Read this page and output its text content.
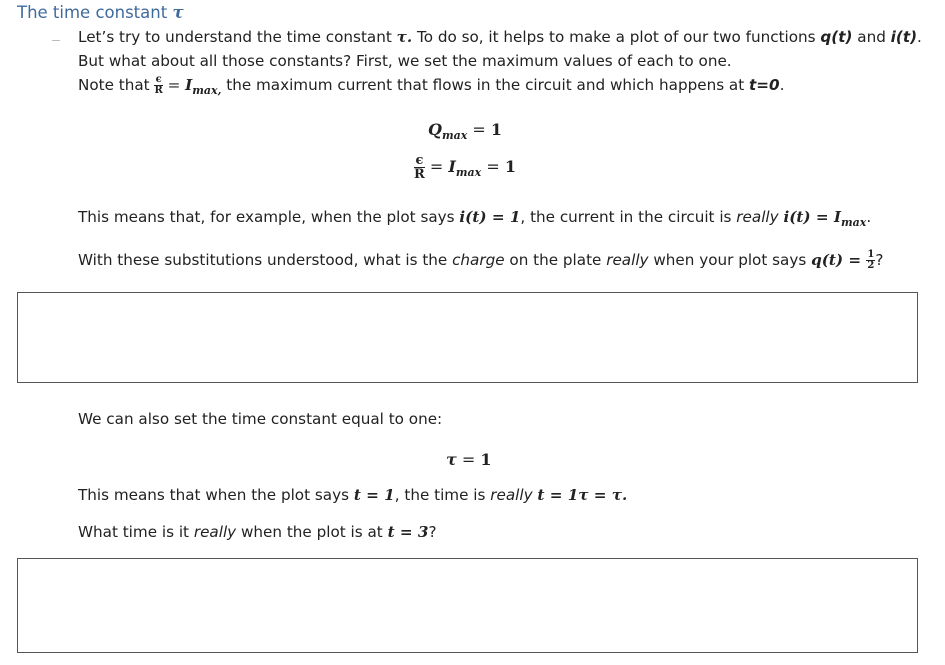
The time constant τ
Let’s try to understand the time constant τ. To do so, it helps to make a plot of our two functions q(t) and i(t).
But what about all those constants? First, we set the maximum values of each to one.
Note that $\frac{\epsilon}{R} = I_{max,}$ the maximum current that flows in the circuit and which happens at t=0.
$Q_{max} = 1$
$\frac{\epsilon}{R} = I_{max} = 1$
This means that, for example, when the plot says i(t) = 1, the current in the circuit is really $i(t) = I_{max}$.
With these substitutions understood, what is the charge on the plate really when your plot says $q(t) = \frac{1}{2}$ ?
We can also set the time constant equal to one:
τ = 1
This means that when the plot says t = 1, the time is really t = 1τ = τ.
What time is it really when the plot is at t = 3?
